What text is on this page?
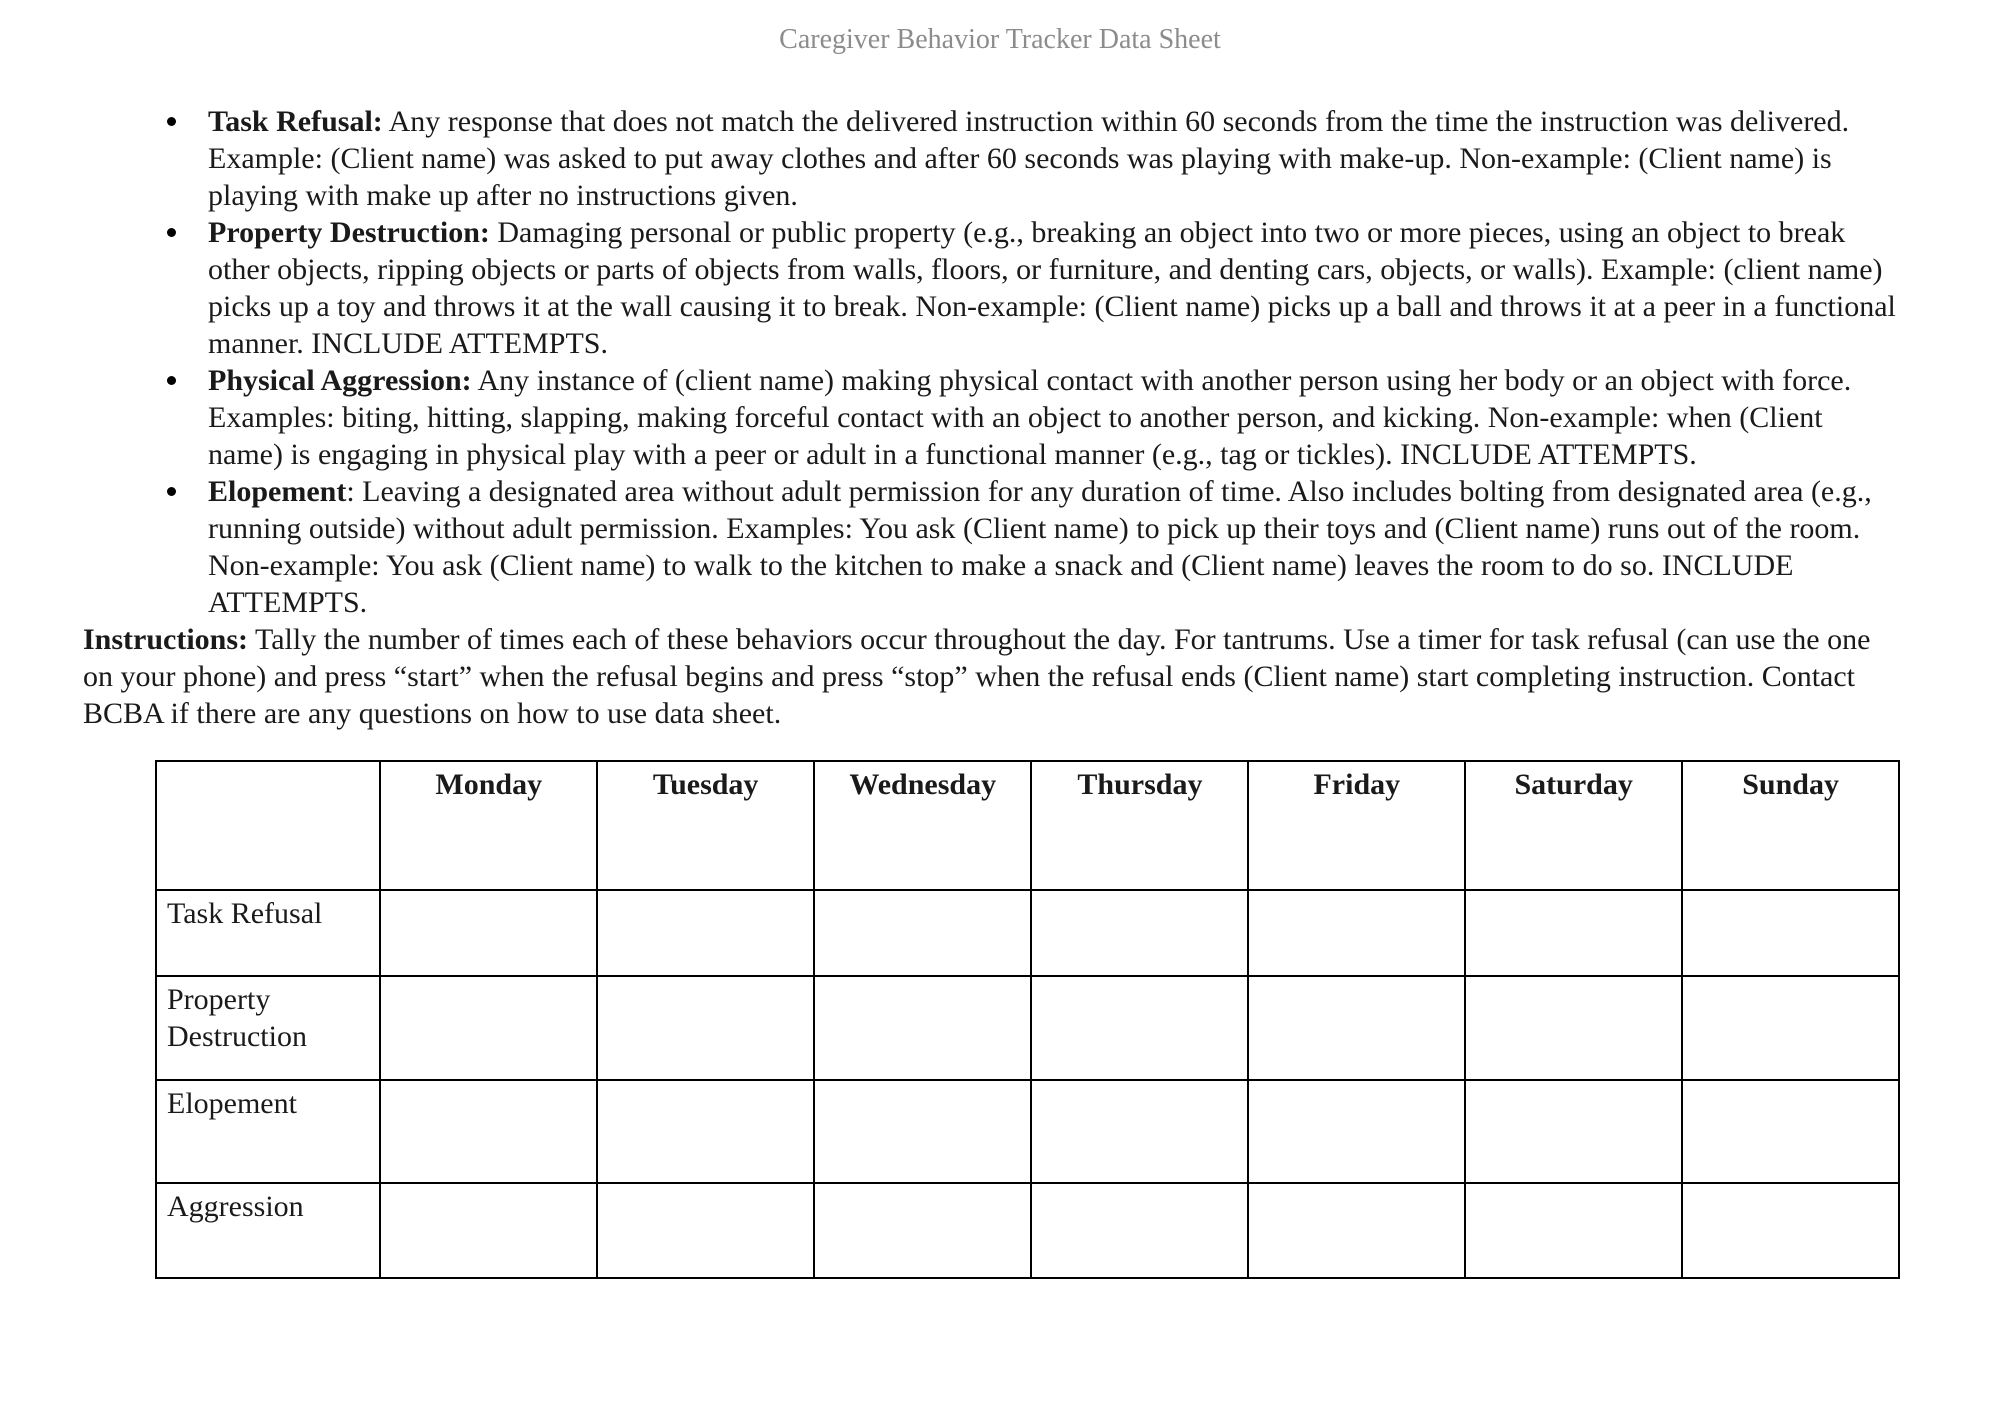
Caregiver Behavior Tracker Data Sheet
Task Refusal: Any response that does not match the delivered instruction within 60 seconds from the time the instruction was delivered. Example: (Client name) was asked to put away clothes and after 60 seconds was playing with make-up. Non-example: (Client name) is playing with make up after no instructions given.
Property Destruction: Damaging personal or public property (e.g., breaking an object into two or more pieces, using an object to break other objects, ripping objects or parts of objects from walls, floors, or furniture, and denting cars, objects, or walls). Example: (client name) picks up a toy and throws it at the wall causing it to break. Non-example: (Client name) picks up a ball and throws it at a peer in a functional manner. INCLUDE ATTEMPTS.
Physical Aggression: Any instance of (client name) making physical contact with another person using her body or an object with force. Examples: biting, hitting, slapping, making forceful contact with an object to another person, and kicking. Non-example: when (Client name) is engaging in physical play with a peer or adult in a functional manner (e.g., tag or tickles). INCLUDE ATTEMPTS.
Elopement: Leaving a designated area without adult permission for any duration of time. Also includes bolting from designated area (e.g., running outside) without adult permission. Examples: You ask (Client name) to pick up their toys and (Client name) runs out of the room. Non-example: You ask (Client name) to walk to the kitchen to make a snack and (Client name) leaves the room to do so. INCLUDE ATTEMPTS.

Instructions: Tally the number of times each of these behaviors occur throughout the day. For tantrums. Use a timer for task refusal (can use the one on your phone) and press “start” when the refusal begins and press “stop” when the refusal ends (Client name) start completing instruction. Contact BCBA if there are any questions on how to use data sheet.

	Monday	Tuesday	Wednesday	Thursday	Friday	Saturday	Sunday
Task Refusal							
Property Destruction							
Elopement							
Aggression							
